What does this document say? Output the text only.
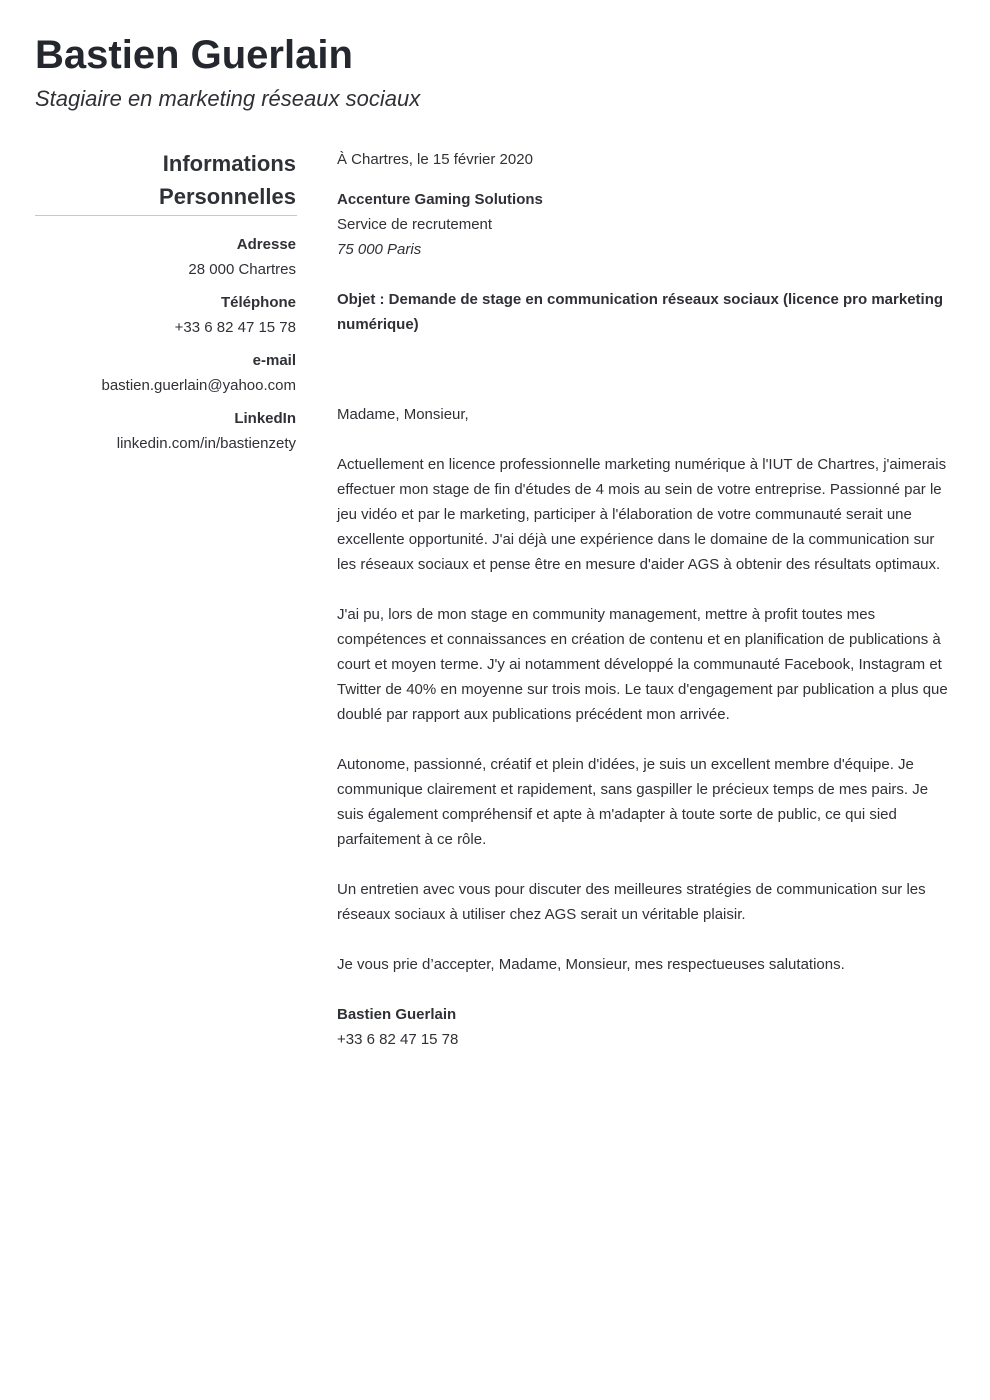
Bastien Guerlain
Stagiaire en marketing réseaux sociaux
Informations
Personnelles
Adresse
28 000 Chartres
Téléphone
+33 6 82 47 15 78
e-mail
bastien.guerlain@yahoo.com
LinkedIn
linkedin.com/in/bastienzety

À Chartres, le 15 février 2020

Accenture Gaming Solutions

Service de recrutement

75 000 Paris

Objet : Demande de stage en communication réseaux sociaux (licence pro marketing numérique)

Madame, Monsieur,

Actuellement en licence professionnelle marketing numérique à l'IUT de Chartres, j'aimerais effectuer mon stage de fin d'études de 4 mois au sein de votre entreprise. Passionné par le jeu vidéo et par le marketing, participer à l'élaboration de votre communauté serait une excellente opportunité. J'ai déjà une expérience dans le domaine de la communication sur les réseaux sociaux et pense être en mesure d'aider AGS à obtenir des résultats optimaux.

J'ai pu, lors de mon stage en community management, mettre à profit toutes mes compétences et connaissances en création de contenu et en planification de publications à court et moyen terme. J'y ai notamment développé la communauté Facebook, Instagram et Twitter de 40% en moyenne sur trois mois. Le taux d'engagement par publication a plus que doublé par rapport aux publications précédent mon arrivée.

Autonome, passionné, créatif et plein d'idées, je suis un excellent membre d'équipe. Je communique clairement et rapidement, sans gaspiller le précieux temps de mes pairs. Je suis également compréhensif et apte à m'adapter à toute sorte de public, ce qui sied parfaitement à ce rôle.

Un entretien avec vous pour discuter des meilleures stratégies de communication sur les réseaux sociaux à utiliser chez AGS serait un véritable plaisir.

Je vous prie d’accepter, Madame, Monsieur, mes respectueuses salutations.

Bastien Guerlain

+33 6 82 47 15 78
